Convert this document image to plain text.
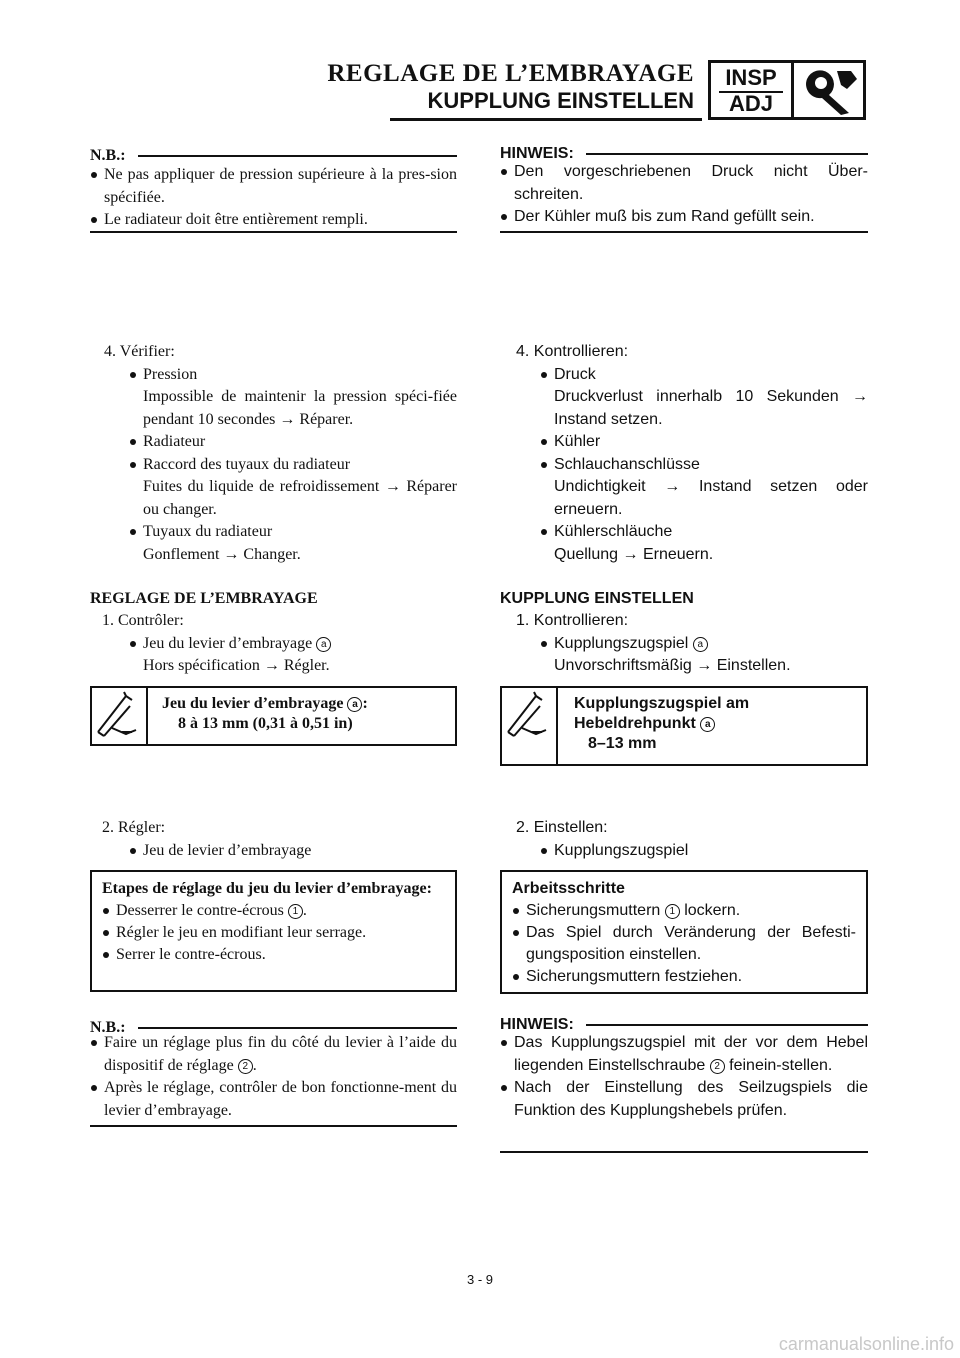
REGLAGE DE L’EMBRAYAGE
KUPPLUNG EINSTELLEN
INSP
ADJ
N.B.:
Ne pas appliquer de pression supérieure à la pres-sion spécifiée.
Le radiateur doit être entièrement rempli.
4. Vérifier:
Pression
Impossible de maintenir la pression spéci-fiée pendant 10 secondes → Réparer.
Radiateur
Raccord des tuyaux du radiateur
Fuites du liquide de refroidissement → Réparer ou changer.
Tuyaux du radiateur
Gonflement → Changer.
REGLAGE DE L’EMBRAYAGE
1. Contrôler:
Jeu du levier d’embrayage a
Hors spécification → Régler.
Jeu du levier d’embrayage a :
8 à 13 mm (0,31 à 0,51 in)
2. Régler:
Jeu de levier d’embrayage
Etapes de réglage du jeu du levier d’embrayage:
Desserrer le contre-écrous 1 .
Régler le jeu en modifiant leur serrage.
Serrer le contre-écrous.
N.B.:
Faire un réglage plus fin du côté du levier à l’aide du dispositif de réglage 2 .
Après le réglage, contrôler de bon fonctionne-ment du levier d’embrayage.
HINWEIS:
Den vorgeschriebenen Druck nicht Über-schreiten.
Der Kühler muß bis zum Rand gefüllt sein.
4. Kontrollieren:
Druck
Druckverlust innerhalb 10 Sekunden → Instand setzen.
Kühler
Schlauchanschlüsse
Undichtigkeit → Instand setzen oder erneuern.
Kühlerschläuche
Quellung → Erneuern.
KUPPLUNG EINSTELLEN
1. Kontrollieren:
Kupplungszugspiel a
Unvorschriftsmäßig → Einstellen.
Kupplungszugspiel am
Hebeldrehpunkt a
8–13 mm
2. Einstellen:
Kupplungszugspiel
Arbeitsschritte
Sicherungsmuttern 1 lockern.
Das Spiel durch Veränderung der Befesti-gungsposition einstellen.
Sicherungsmuttern festziehen.
HINWEIS:
Das Kupplungszugspiel mit der vor dem Hebel liegenden Einstellschraube 2 feinein-stellen.
Nach der Einstellung des Seilzugspiels die Funktion des Kupplungshebels prüfen.
3 - 9
carmanualsonline.info
